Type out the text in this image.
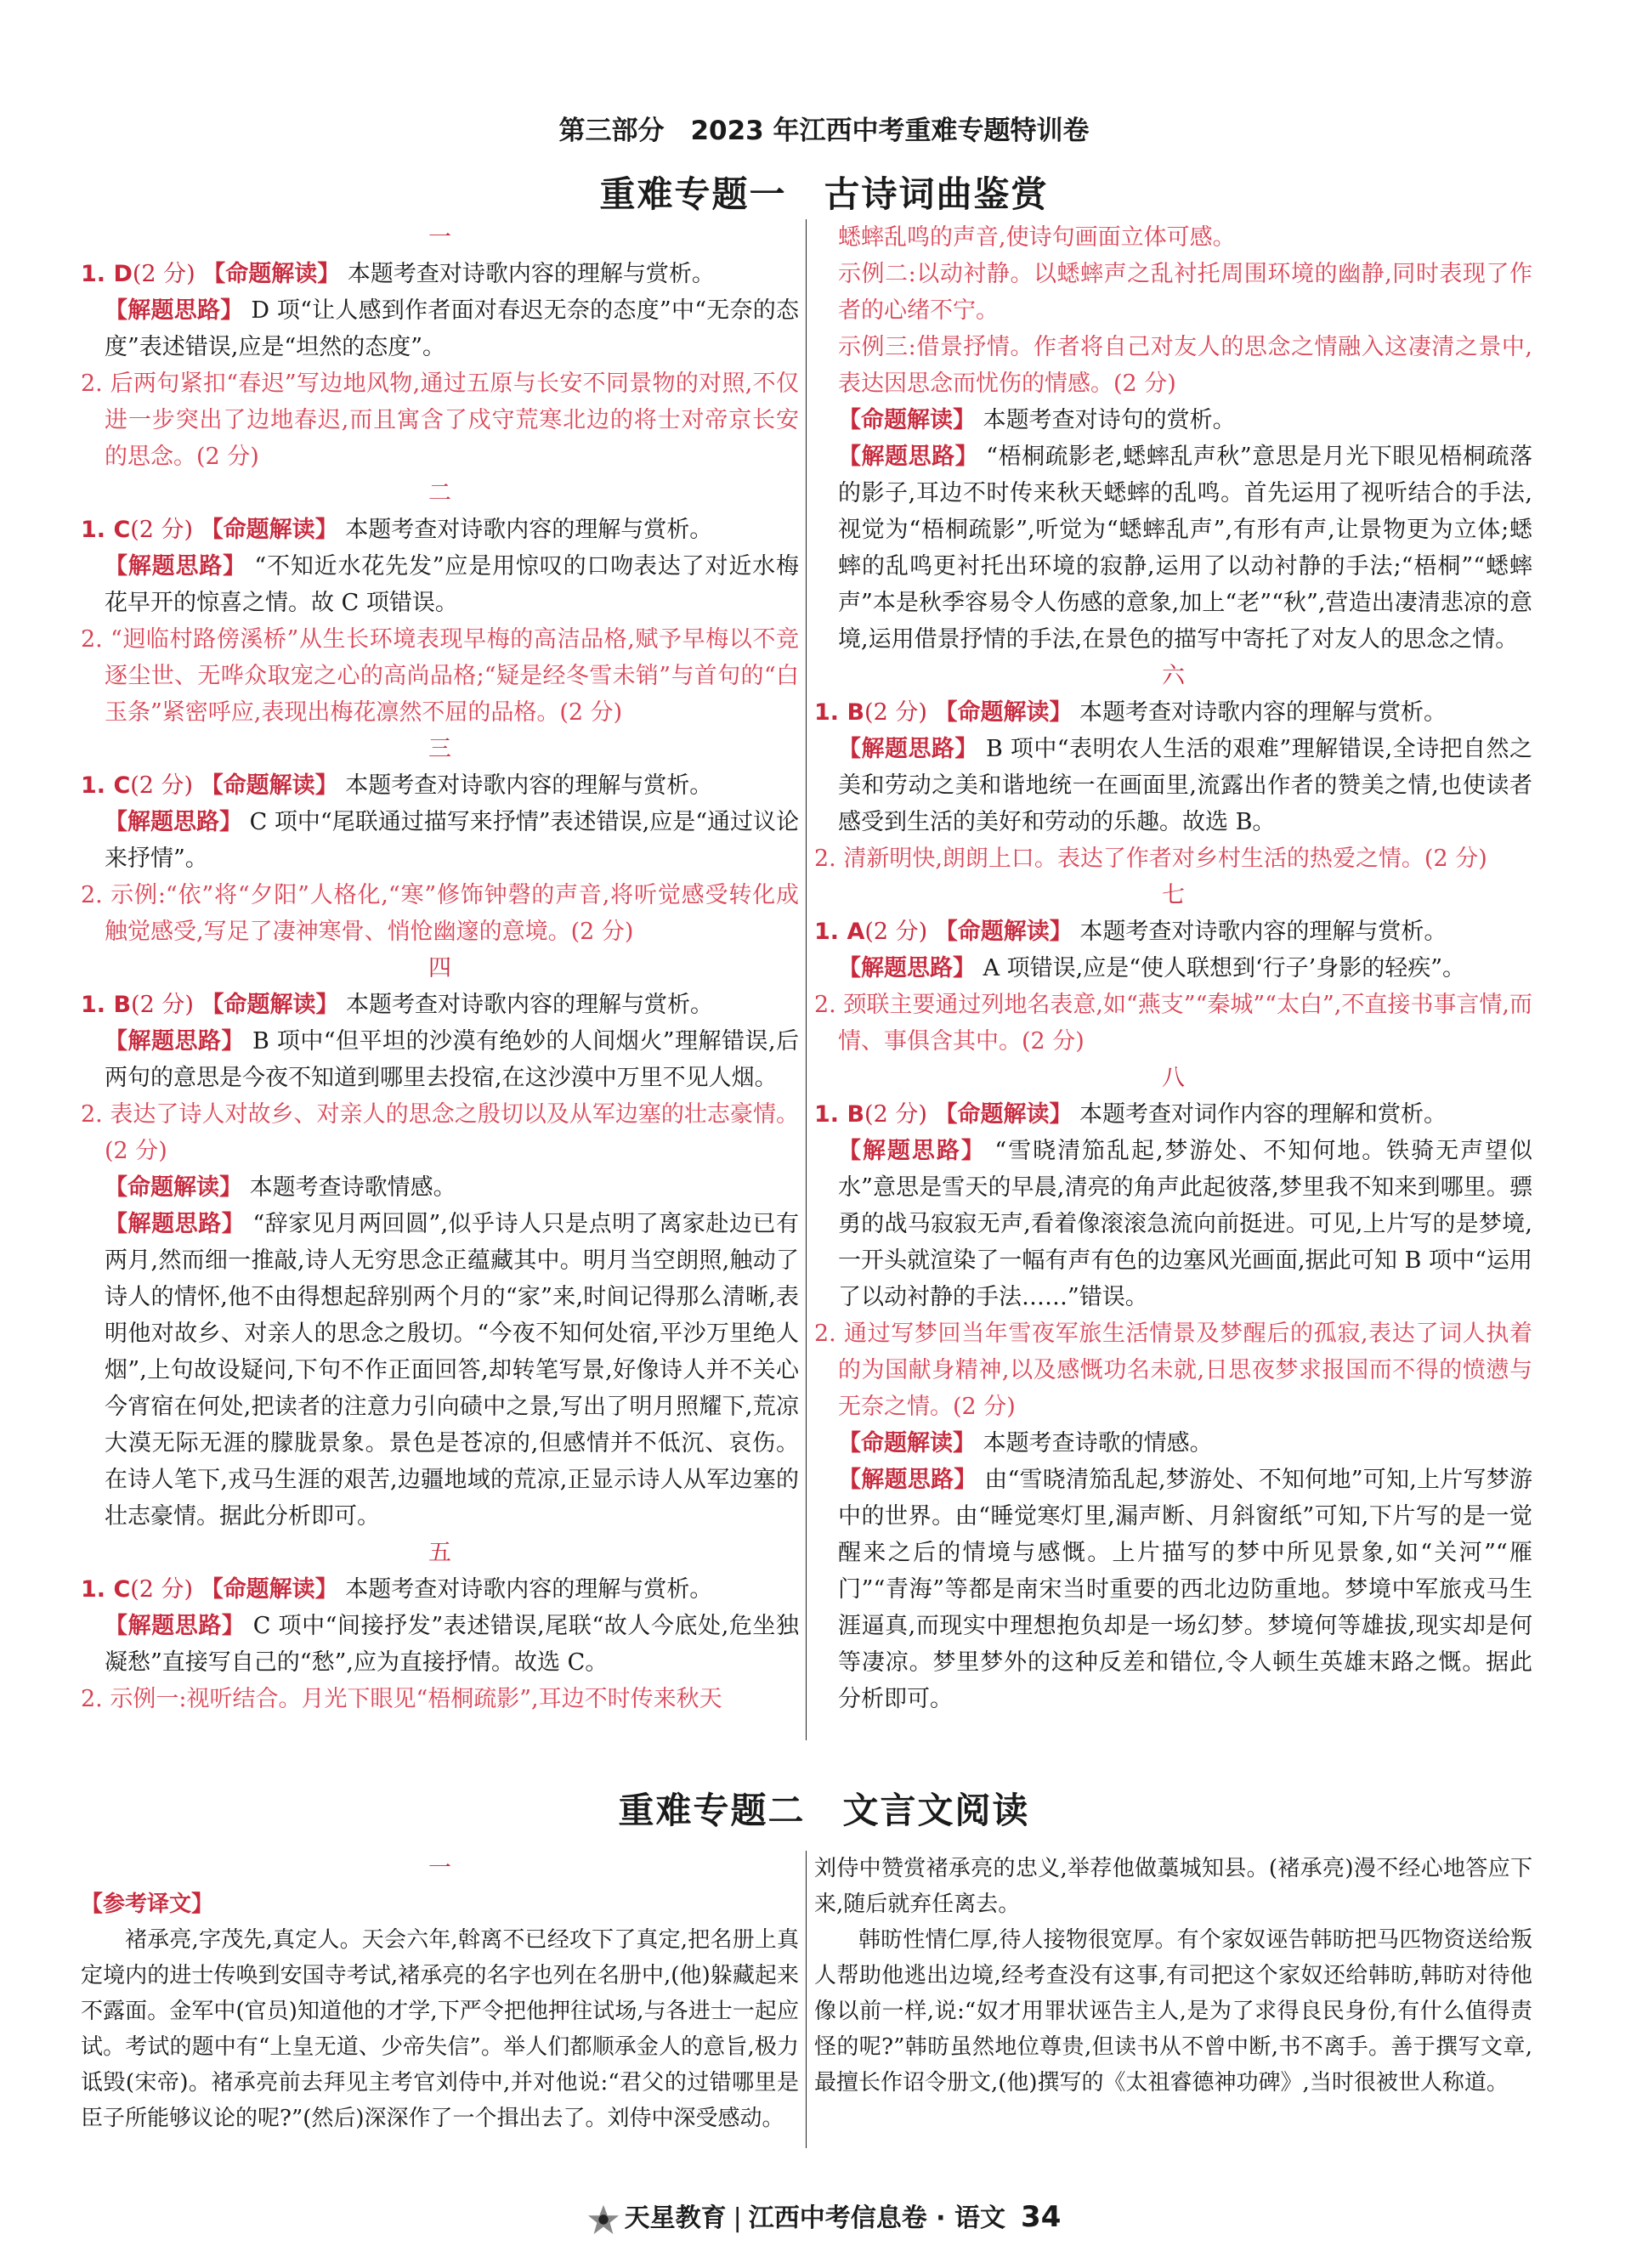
第三部分　2023 年江西中考重难专题特训卷
重难专题一　古诗词曲鉴赏
一

1. D(2 分) 【 命题解读 】 本题考查对诗歌内容的理解与赏析。

【 解题思路 】 D 项“让人感到作者面对春迟无奈的态度”中“无奈的态度”表述错误,应是“坦然的态度”。

2. 后两句紧扣“春迟”写边地风物,通过五原与长安不同景物的对照,不仅进一步突出了边地春迟,而且寓含了戍守荒寒北边的将士对帝京长安的思念。(2 分)

二

1. C(2 分) 【 命题解读 】 本题考查对诗歌内容的理解与赏析。

【 解题思路 】 “不知近水花先发”应是用惊叹的口吻表达了对近水梅花早开的惊喜之情。故 C 项错误。

2. “迥临村路傍溪桥”从生长环境表现早梅的高洁品格,赋予早梅以不竞逐尘世、无哗众取宠之心的高尚品格;“疑是经冬雪未销”与首句的“白玉条”紧密呼应,表现出梅花凛然不屈的品格。(2 分)

三

1. C(2 分) 【 命题解读 】 本题考查对诗歌内容的理解与赏析。

【 解题思路 】 C 项中“尾联通过描写来抒情”表述错误,应是“通过议论来抒情”。

2. 示例:“依”将“夕阳”人格化,“寒”修饰钟磬的声音,将听觉感受转化成触觉感受,写足了凄神寒骨、悄怆幽邃的意境。(2 分)

四

1. B(2 分) 【 命题解读 】 本题考查对诗歌内容的理解与赏析。

【 解题思路 】 B 项中“但平坦的沙漠有绝妙的人间烟火”理解错误,后两句的意思是今夜不知道到哪里去投宿,在这沙漠中万里不见人烟。

2. 表达了诗人对故乡、对亲人的思念之殷切以及从军边塞的壮志豪情。(2 分)

【 命题解读 】 本题考查诗歌情感。

【 解题思路 】 “辞家见月两回圆”,似乎诗人只是点明了离家赴边已有两月,然而细一推敲,诗人无穷思念正蕴藏其中。明月当空朗照,触动了诗人的情怀,他不由得想起辞别两个月的“家”来,时间记得那么清晰,表明他对故乡、对亲人的思念之殷切。“今夜不知何处宿,平沙万里绝人烟”,上句故设疑问,下句不作正面回答,却转笔写景,好像诗人并不关心今宵宿在何处,把读者的注意力引向碛中之景,写出了明月照耀下,荒凉大漠无际无涯的朦胧景象。景色是苍凉的,但感情并不低沉、哀伤。在诗人笔下,戎马生涯的艰苦,边疆地域的荒凉,正显示诗人从军边塞的壮志豪情。据此分析即可。

五

1. C(2 分) 【 命题解读 】 本题考查对诗歌内容的理解与赏析。

【 解题思路 】 C 项中“间接抒发”表述错误,尾联“故人今底处,危坐独凝愁”直接写自己的“愁”,应为直接抒情。故选 C。

2. 示例一:视听结合。月光下眼见“梧桐疏影”,耳边不时传来秋天

蟋蟀乱鸣的声音,使诗句画面立体可感。

示例二:以动衬静。以蟋蟀声之乱衬托周围环境的幽静,同时表现了作者的心绪不宁。

示例三:借景抒情。作者将自己对友人的思念之情融入这凄清之景中,表达因思念而忧伤的情感。(2 分)

【 命题解读 】 本题考查对诗句的赏析。

【 解题思路 】 “梧桐疏影老,蟋蟀乱声秋”意思是月光下眼见梧桐疏落的影子,耳边不时传来秋天蟋蟀的乱鸣。首先运用了视听结合的手法,视觉为“梧桐疏影”,听觉为“蟋蟀乱声”,有形有声,让景物更为立体;蟋蟀的乱鸣更衬托出环境的寂静,运用了以动衬静的手法;“梧桐”“蟋蟀声”本是秋季容易令人伤感的意象,加上“老”“秋”,营造出凄清悲凉的意境,运用借景抒情的手法,在景色的描写中寄托了对友人的思念之情。

六

1. B(2 分) 【 命题解读 】 本题考查对诗歌内容的理解与赏析。

【 解题思路 】 B 项中“表明农人生活的艰难”理解错误,全诗把自然之美和劳动之美和谐地统一在画面里,流露出作者的赞美之情,也使读者感受到生活的美好和劳动的乐趣。故选 B。

2. 清新明快,朗朗上口。表达了作者对乡村生活的热爱之情。(2 分)

七

1. A(2 分) 【 命题解读 】 本题考查对诗歌内容的理解与赏析。

【 解题思路 】 A 项错误,应是“使人联想到‘行子’身影的轻疾”。

2. 颈联主要通过列地名表意,如“燕支”“秦城”“太白”,不直接书事言情,而情、事俱含其中。(2 分)

八

1. B(2 分) 【 命题解读 】 本题考查对词作内容的理解和赏析。

【 解题思路 】 “雪晓清笳乱起,梦游处、不知何地。铁骑无声望似水”意思是雪天的早晨,清亮的角声此起彼落,梦里我不知来到哪里。骠勇的战马寂寂无声,看着像滚滚急流向前挺进。可见,上片写的是梦境,一开头就渲染了一幅有声有色的边塞风光画面,据此可知 B 项中“运用了以动衬静的手法……”错误。

2. 通过写梦回当年雪夜军旅生活情景及梦醒后的孤寂,表达了词人执着的为国献身精神,以及感慨功名未就,日思夜梦求报国而不得的愤懑与无奈之情。(2 分)

【 命题解读 】 本题考查诗歌的情感。

【 解题思路 】 由“雪晓清笳乱起,梦游处、不知何地”可知,上片写梦游中的世界。由“睡觉寒灯里,漏声断、月斜窗纸”可知,下片写的是一觉醒来之后的情境与感慨。上片描写的梦中所见景象,如“关河”“雁门”“青海”等都是南宋当时重要的西北边防重地。梦境中军旅戎马生涯逼真,而现实中理想抱负却是一场幻梦。梦境何等雄拔,现实却是何等凄凉。梦里梦外的这种反差和错位,令人顿生英雄末路之慨。据此分析即可。

重难专题二　文言文阅读
一

【 参考译文 】

褚承亮,字茂先,真定人。天会六年,斡离不已经攻下了真定,把名册上真定境内的进士传唤到安国寺考试,褚承亮的名字也列在名册中,(他)躲藏起来不露面。金军中(官员)知道他的才学,下严令把他押往试场,与各进士一起应试。考试的题中有“上皇无道、少帝失信”。举人们都顺承金人的意旨,极力诋毁(宋帝)。褚承亮前去拜见主考官刘侍中,并对他说:“君父的过错哪里是臣子所能够议论的呢?”(然后)深深作了一个揖出去了。刘侍中深受感动。

刘侍中赞赏褚承亮的忠义,举荐他做藁城知县。(褚承亮)漫不经心地答应下来,随后就弃任离去。

韩昉性情仁厚,待人接物很宽厚。有个家奴诬告韩昉把马匹物资送给叛人帮助他逃出边境,经考查没有这事,有司把这个家奴还给韩昉,韩昉对待他像以前一样,说:“奴才用罪状诬告主人,是为了求得良民身份,有什么值得责怪的呢?”韩昉虽然地位尊贵,但读书从不曾中断,书不离手。善于撰写文章,最擅长作诏令册文,(他)撰写的《太祖睿德神功碑》,当时很被世人称道。

天星教育 | 江西中考信息卷 · 语文 34
